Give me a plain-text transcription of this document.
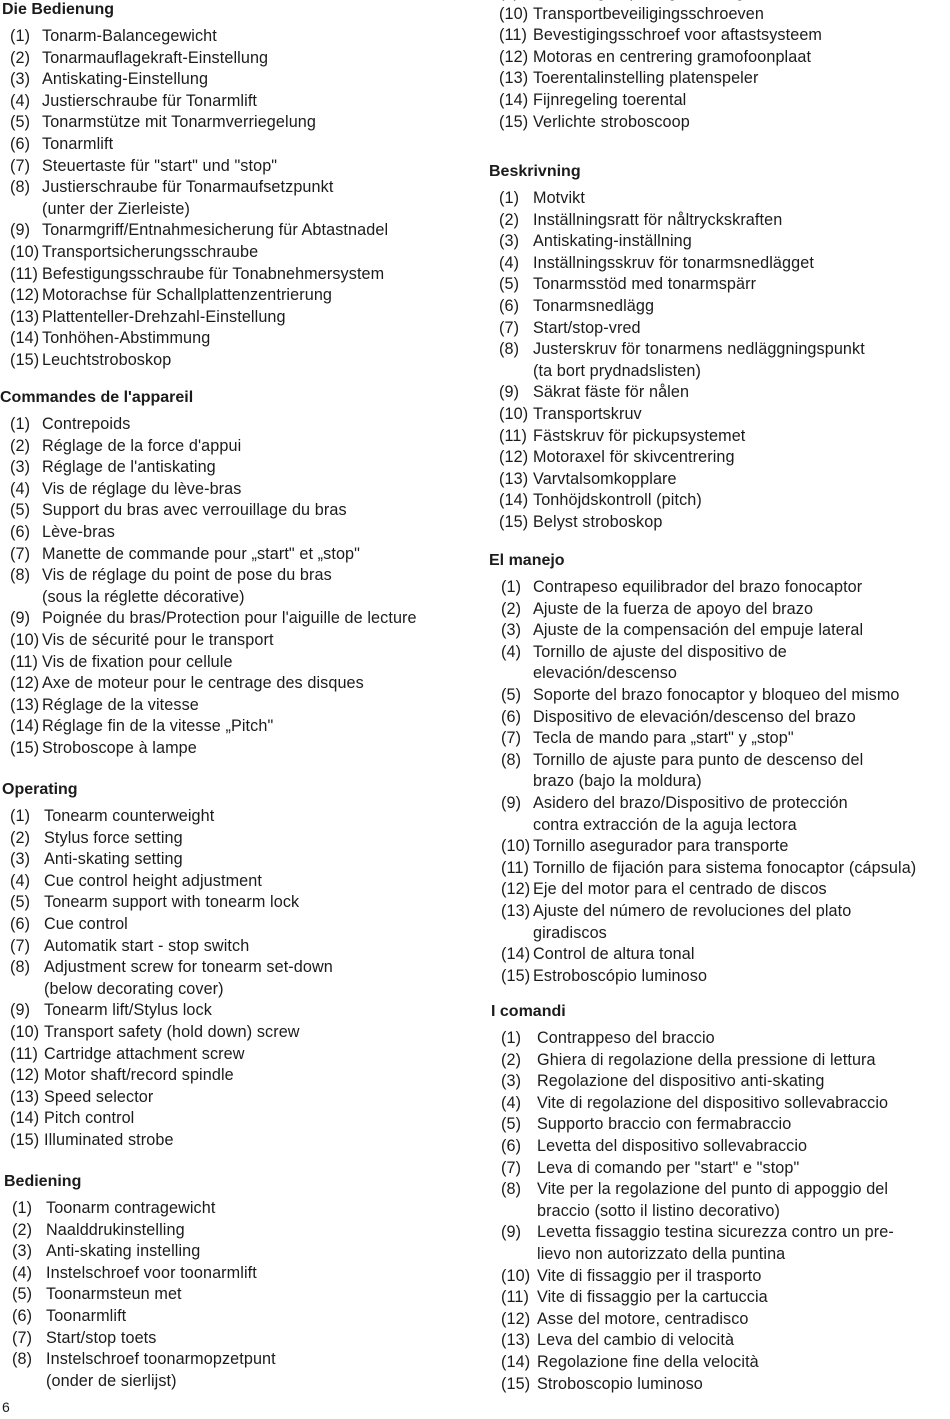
Die Bedienung
(1) Tonarm-Balancegewicht
(2) Tonarmauflagekraft-Einstellung
(3) Antiskating-Einstellung
(4) Justierschraube für Tonarmlift
(5) Tonarmstütze mit Tonarmverriegelung
(6) Tonarmlift
(7) Steuertaste für "start" und "stop"
(8) Justierschraube für Tonarmaufsetzpunkt
(unter der Zierleiste)
(9) Tonarmgriff/Entnahmesicherung für Abtastnadel
(10) Transportsicherungsschraube
(11) Befestigungsschraube für Tonabnehmersystem
(12) Motorachse für Schallplattenzentrierung
(13) Plattenteller-Drehzahl-Einstellung
(14) Tonhöhen-Abstimmung
(15) Leuchtstroboskop
Commandes de l'appareil
(1) Contrepoids
(2) Réglage de la force d'appui
(3) Réglage de l'antiskating
(4) Vis de réglage du lève-bras
(5) Support du bras avec verrouillage du bras
(6) Lève-bras
(7) Manette de commande pour „start" et „stop"
(8) Vis de réglage du point de pose du bras
(sous la réglette décorative)
(9) Poignée du bras/Protection pour l'aiguille de lecture
(10) Vis de sécurité pour le transport
(11) Vis de fixation pour cellule
(12) Axe de moteur pour le centrage des disques
(13) Réglage de la vitesse
(14) Réglage fin de la vitesse „Pitch"
(15) Stroboscope à lampe
Operating
(1) Tonearm counterweight
(2) Stylus force setting
(3) Anti-skating setting
(4) Cue control height adjustment
(5) Tonearm support with tonearm lock
(6) Cue control
(7) Automatik start - stop switch
(8) Adjustment screw for tonearm set-down
(below decorating cover)
(9) Tonearm lift/Stylus lock
(10) Transport safety (hold down) screw
(11) Cartridge attachment screw
(12) Motor shaft/record spindle
(13) Speed selector
(14) Pitch control
(15) Illuminated strobe
Bediening
(1) Toonarm contragewicht
(2) Naalddrukinstelling
(3) Anti-skating instelling
(4) Instelschroef voor toonarmlift
(5) Toonarmsteun met
(6) Toonarmlift
(7) Start/stop toets
(8) Instelschroef toonarmopzetpunt
(onder de sierlijst)
(10) Transportbeveiligingsschroeven
(11) Bevestigingsschroef voor aftastsysteem
(12) Motoras en centrering gramofoonplaat
(13) Toerentalinstelling platenspeler
(14) Fijnregeling toerental
(15) Verlichte stroboscoop
Beskrivning
(1) Motvikt
(2) Inställningsratt för nåltryckskraften
(3) Antiskating-inställning
(4) Inställningsskruv för tonarmsnedlägget
(5) Tonarmsstöd med tonarmspärr
(6) Tonarmsnedlägg
(7) Start/stop-vred
(8) Justerskruv för tonarmens nedläggningspunkt
(ta bort prydnadslisten)
(9) Säkrat fäste för nålen
(10) Transportskruv
(11) Fästskruv för pickupsystemet
(12) Motoraxel för skivcentrering
(13) Varvtalsomkopplare
(14) Tonhöjdskontroll (pitch)
(15) Belyst stroboskop
El manejo
(1) Contrapeso equilibrador del brazo fonocaptor
(2) Ajuste de la fuerza de apoyo del brazo
(3) Ajuste de la compensación del empuje lateral
(4) Tornillo de ajuste del dispositivo de
elevación/descenso
(5) Soporte del brazo fonocaptor y bloqueo del mismo
(6) Dispositivo de elevación/descenso del brazo
(7) Tecla de mando para „start" y „stop"
(8) Tornillo de ajuste para punto de descenso del
brazo (bajo la moldura)
(9) Asidero del brazo/Dispositivo de protección
contra extracción de la aguja lectora
(10) Tornillo asegurador para transporte
(11) Tornillo de fijación para sistema fonocaptor (cápsula)
(12) Eje del motor para el centrado de discos
(13) Ajuste del número de revoluciones del plato
giradiscos
(14) Control de altura tonal
(15) Estroboscópio luminoso
I comandi
(1) Contrappeso del braccio
(2) Ghiera di regolazione della pressione di lettura
(3) Regolazione del dispositivo anti-skating
(4) Vite di regolazione del dispositivo sollevabraccio
(5) Supporto braccio con fermabraccio
(6) Levetta del dispositivo sollevabraccio
(7) Leva di comando per "start" e "stop"
(8) Vite per la regolazione del punto di appoggio del
braccio (sotto il listino decorativo)
(9) Levetta fissaggio testina sicurezza contro un pre-
lievo non autorizzato della puntina
(10) Vite di fissaggio per il trasporto
(11) Vite di fissaggio per la cartuccia
(12) Asse del motore, centradisco
(13) Leva del cambio di velocità
(14) Regolazione fine della velocità
(15) Stroboscopio luminoso
6
